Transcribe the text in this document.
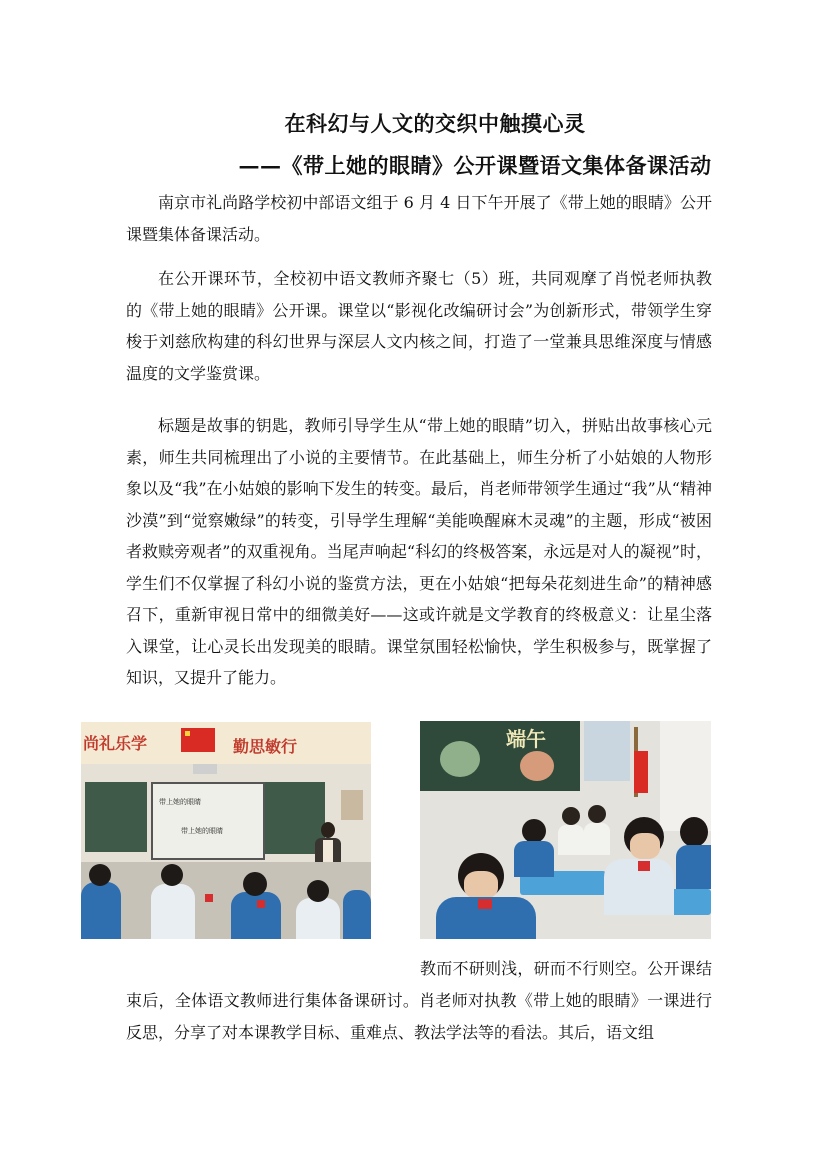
在科幻与人文的交织中触摸心灵
——《带上她的眼睛》公开课暨语文集体备课活动

南京市礼尚路学校初中部语文组于 6 月 4 日下午开展了《带上她的眼睛》公开课暨集体备课活动。

在公开课环节，全校初中语文教师齐聚七（5）班，共同观摩了肖悦老师执教的《带上她的眼睛》公开课。课堂以“影视化改编研讨会”为创新形式，带领学生穿梭于刘慈欣构建的科幻世界与深层人文内核之间，打造了一堂兼具思维深度与情感温度的文学鉴赏课。

标题是故事的钥匙，教师引导学生从“带上她的眼睛”切入，拼贴出故事核心元素，师生共同梳理出了小说的主要情节。在此基础上，师生分析了小姑娘的人物形象以及“我”在小姑娘的影响下发生的转变。最后，肖老师带领学生通过“我”从“精神沙漠”到“觉察嫩绿”的转变，引导学生理解“美能唤醒麻木灵魂”的主题，形成“被困者救赎旁观者”的双重视角。当尾声响起“科幻的终极答案，永远是对人的凝视”时，学生们不仅掌握了科幻小说的鉴赏方法，更在小姑娘“把每朵花刻进生命”的精神感召下，重新审视日常中的细微美好——这或许就是文学教育的终极意义：让星尘落入课堂，让心灵长出发现美的眼睛。课堂氛围轻松愉快，学生积极参与，既掌握了知识，又提升了能力。

尚礼乐学	勤思敏行
带上她的眼睛
带上她的眼睛
端午

教而不研则浅，研而不行则空。公开课结束后，全体语文教师进行集体备课研讨。肖老师对执教《带上她的眼睛》一课进行反思，分享了对本课教学目标、重难点、教法学法等的看法。其后，语文组
